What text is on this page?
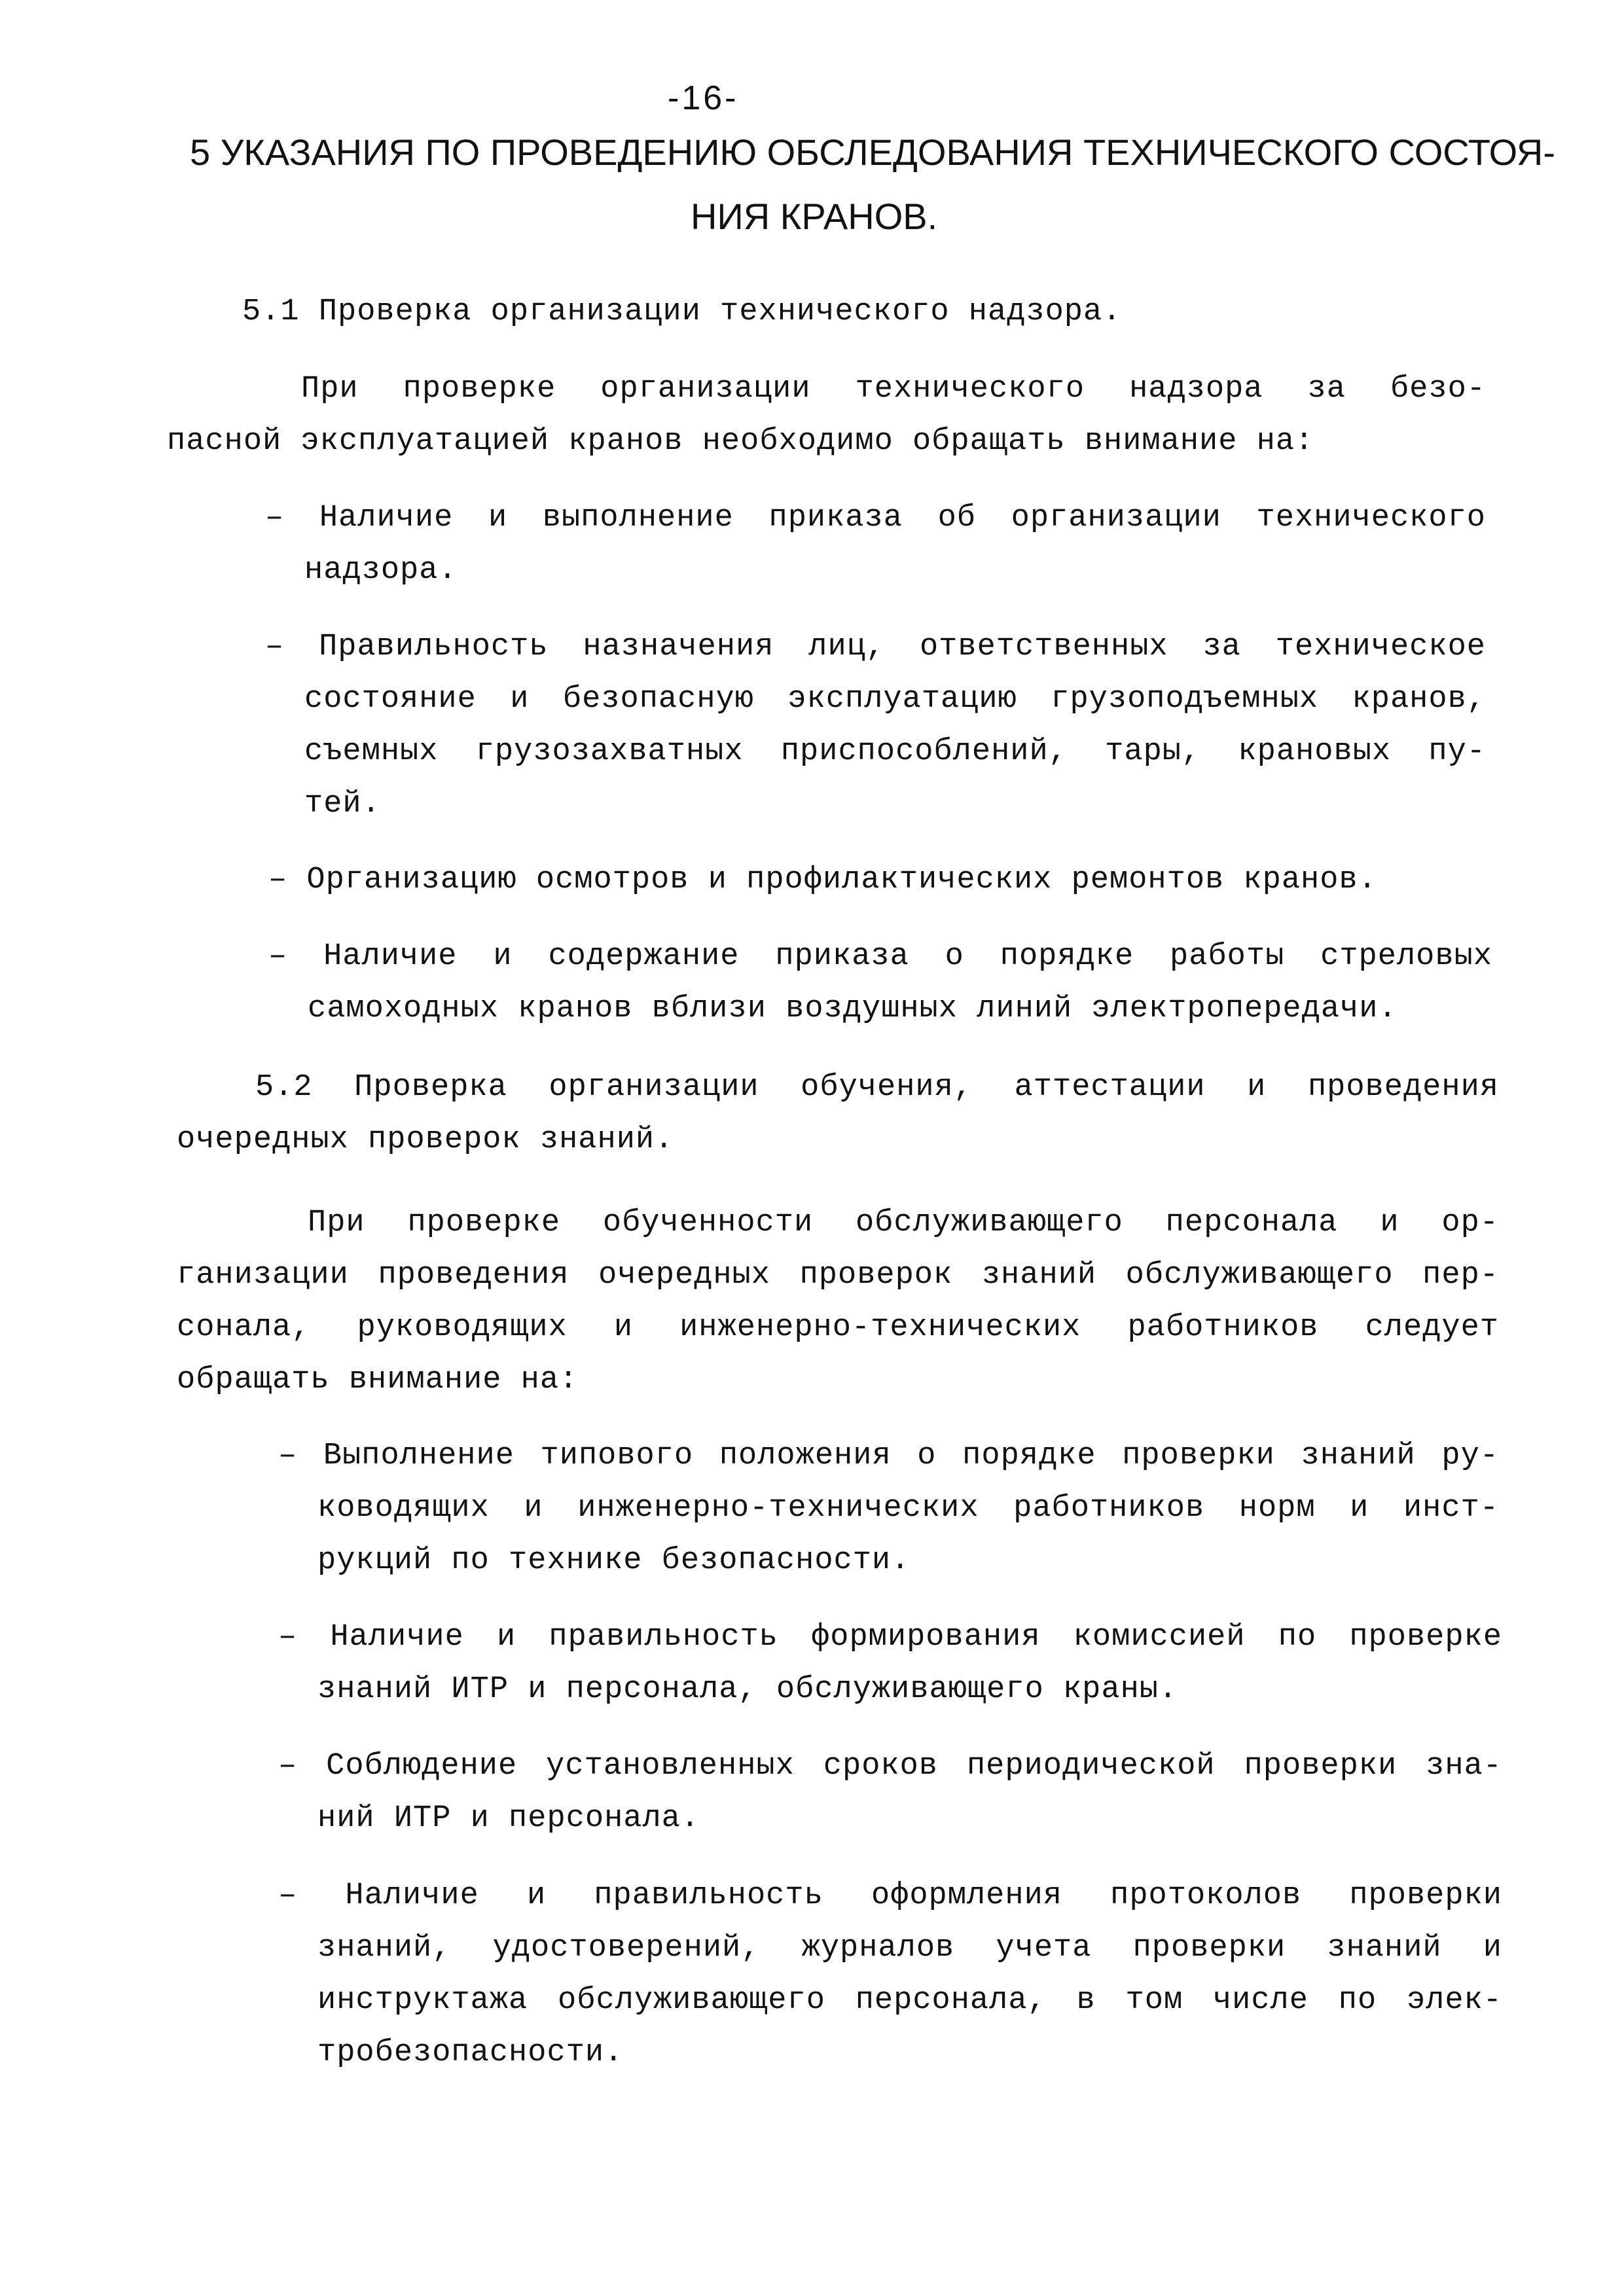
-16-
5 УКАЗАНИЯ ПО ПРОВЕДЕНИЮ ОБСЛЕДОВАНИЯ ТЕХНИЧЕСКОГО СОСТОЯ-
НИЯ КРАНОВ.
5.1 Проверка организации технического надзора.
При проверке организации технического надзора за безо-
пасной эксплуатацией кранов необходимо обращать внимание на:
– Наличие и выполнение приказа об организации технического
надзора.
– Правильность назначения лиц, ответственных за техническое
состояние и безопасную эксплуатацию грузоподъемных кранов,
съемных грузозахватных приспособлений, тары, крановых пу-
тей.
– Организацию осмотров и профилактических ремонтов кранов.
– Наличие и содержание приказа о порядке работы стреловых
самоходных кранов вблизи воздушных линий электропередачи.
5.2 Проверка организации обучения, аттестации и проведения
очередных проверок знаний.
При проверке обученности обслуживающего персонала и ор-
ганизации проведения очередных проверок знаний обслуживающего пер-
сонала, руководящих и инженерно-технических работников следует
обращать внимание на:
– Выполнение типового положения о порядке проверки знаний ру-
ководящих и инженерно-технических работников норм и инст-
рукций по технике безопасности.
– Наличие и правильность формирования комиссией по проверке
знаний ИТР и персонала, обслуживающего краны.
– Соблюдение установленных сроков периодической проверки зна-
ний ИТР и персонала.
– Наличие и правильность оформления протоколов проверки
знаний, удостоверений, журналов учета проверки знаний и
инструктажа обслуживающего персонала, в том числе по элек-
тробезопасности.
